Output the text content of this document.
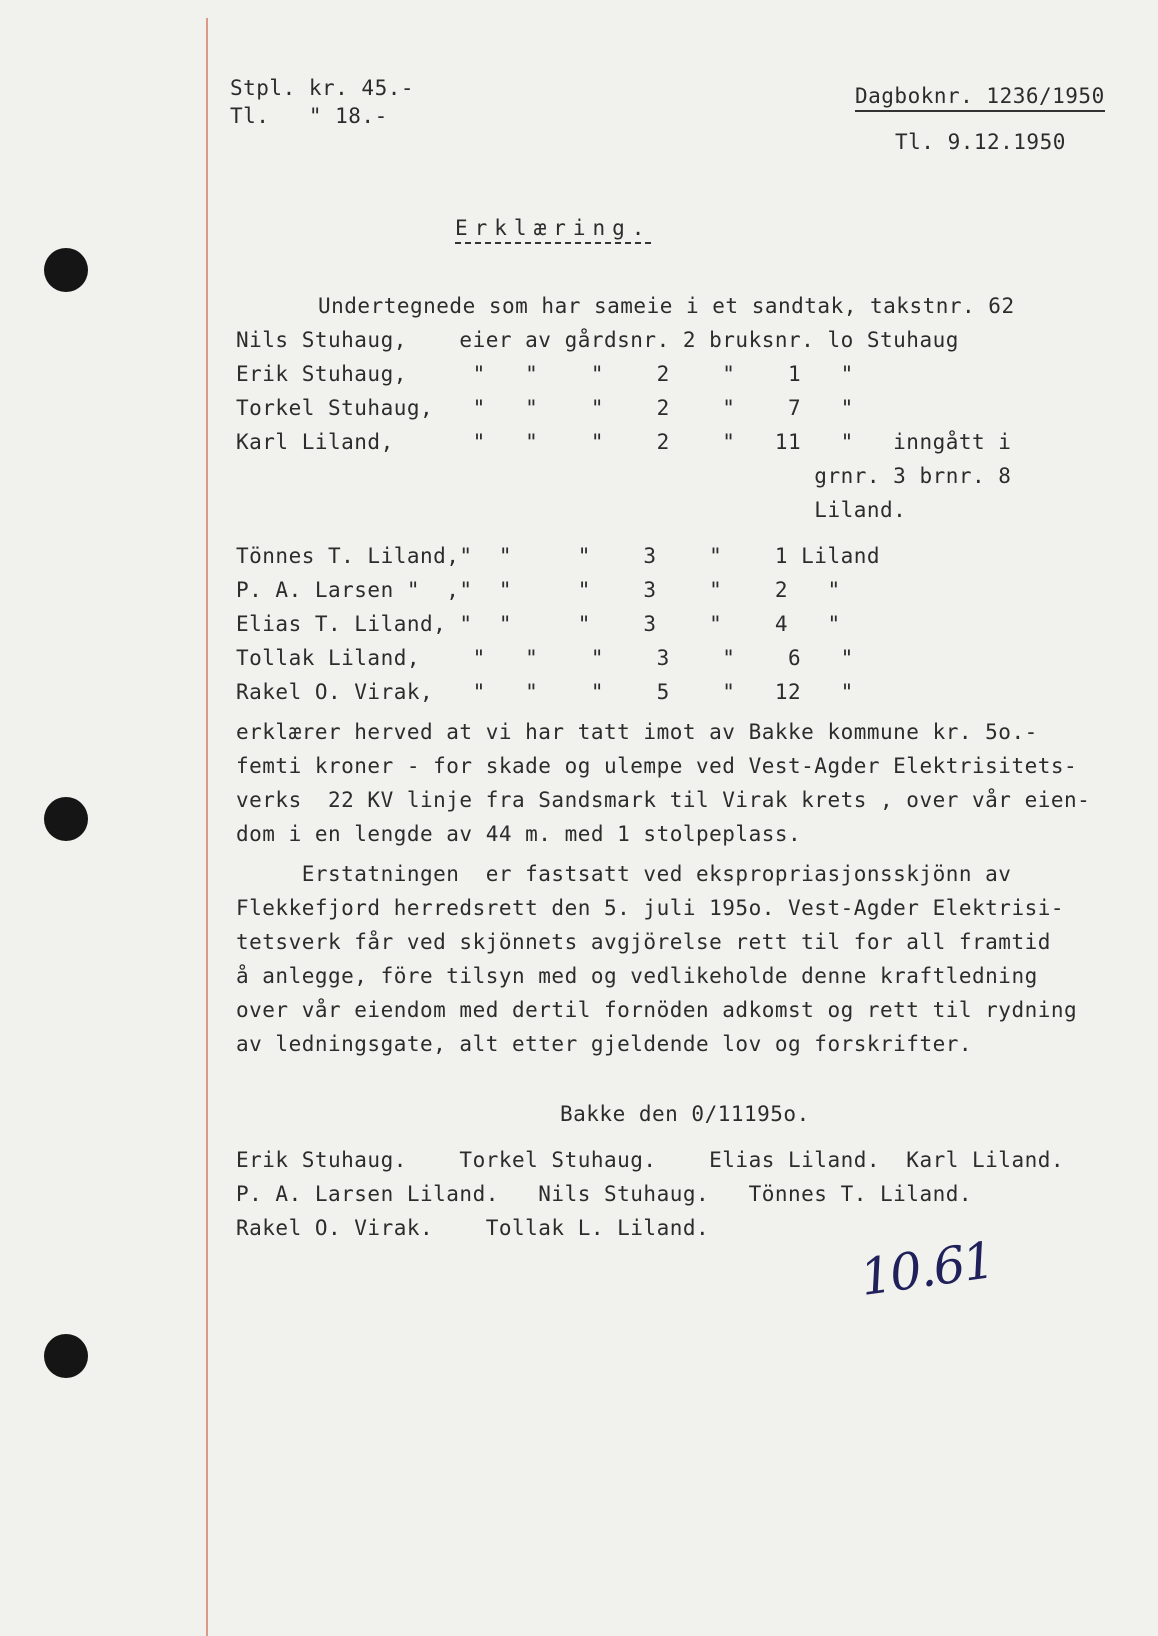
Stpl. kr. 45.-
Tl.   " 18.-
Dagboknr. 1236/1950
Tl. 9.12.1950
Erklæring.
Undertegnede som har sameie i et sandtak, takstnr. 62
Nils Stuhaug,    eier av gårdsnr. 2 bruksnr. lo Stuhaug
Erik Stuhaug,     "   "    "    2    "    1   "
Torkel Stuhaug,   "   "    "    2    "    7   "
Karl Liland,      "   "    "    2    "   11   "   inngått i
grnr. 3 brnr. 8
Liland.
Tönnes T. Liland,"  "     "    3    "    1 Liland
P. A. Larsen "  ,"  "     "    3    "    2   "
Elias T. Liland, "  "     "    3    "    4   "
Tollak Liland,    "   "    "    3    "    6   "
Rakel O. Virak,   "   "    "    5    "   12   "
erklærer herved at vi har tatt imot av Bakke kommune kr. 5o.-
femti kroner - for skade og ulempe ved Vest-Agder Elektrisitets-
verks  22 KV linje fra Sandsmark til Virak krets , over vår eien-
dom i en lengde av 44 m. med 1 stolpeplass.
Erstatningen  er fastsatt ved ekspropriasjonsskjönn av
Flekkefjord herredsrett den 5. juli 195o. Vest-Agder Elektrisi-
tetsverk får ved skjönnets avgjörelse rett til for all framtid
å anlegge, före tilsyn med og vedlikeholde denne kraftledning
over vår eiendom med dertil fornöden adkomst og rett til rydning
av ledningsgate, alt etter gjeldende lov og forskrifter.
Bakke den 0/11195o.
Erik Stuhaug.    Torkel Stuhaug.    Elias Liland.  Karl Liland.
P. A. Larsen Liland.   Nils Stuhaug.   Tönnes T. Liland.
Rakel O. Virak.    Tollak L. Liland.
10.61
